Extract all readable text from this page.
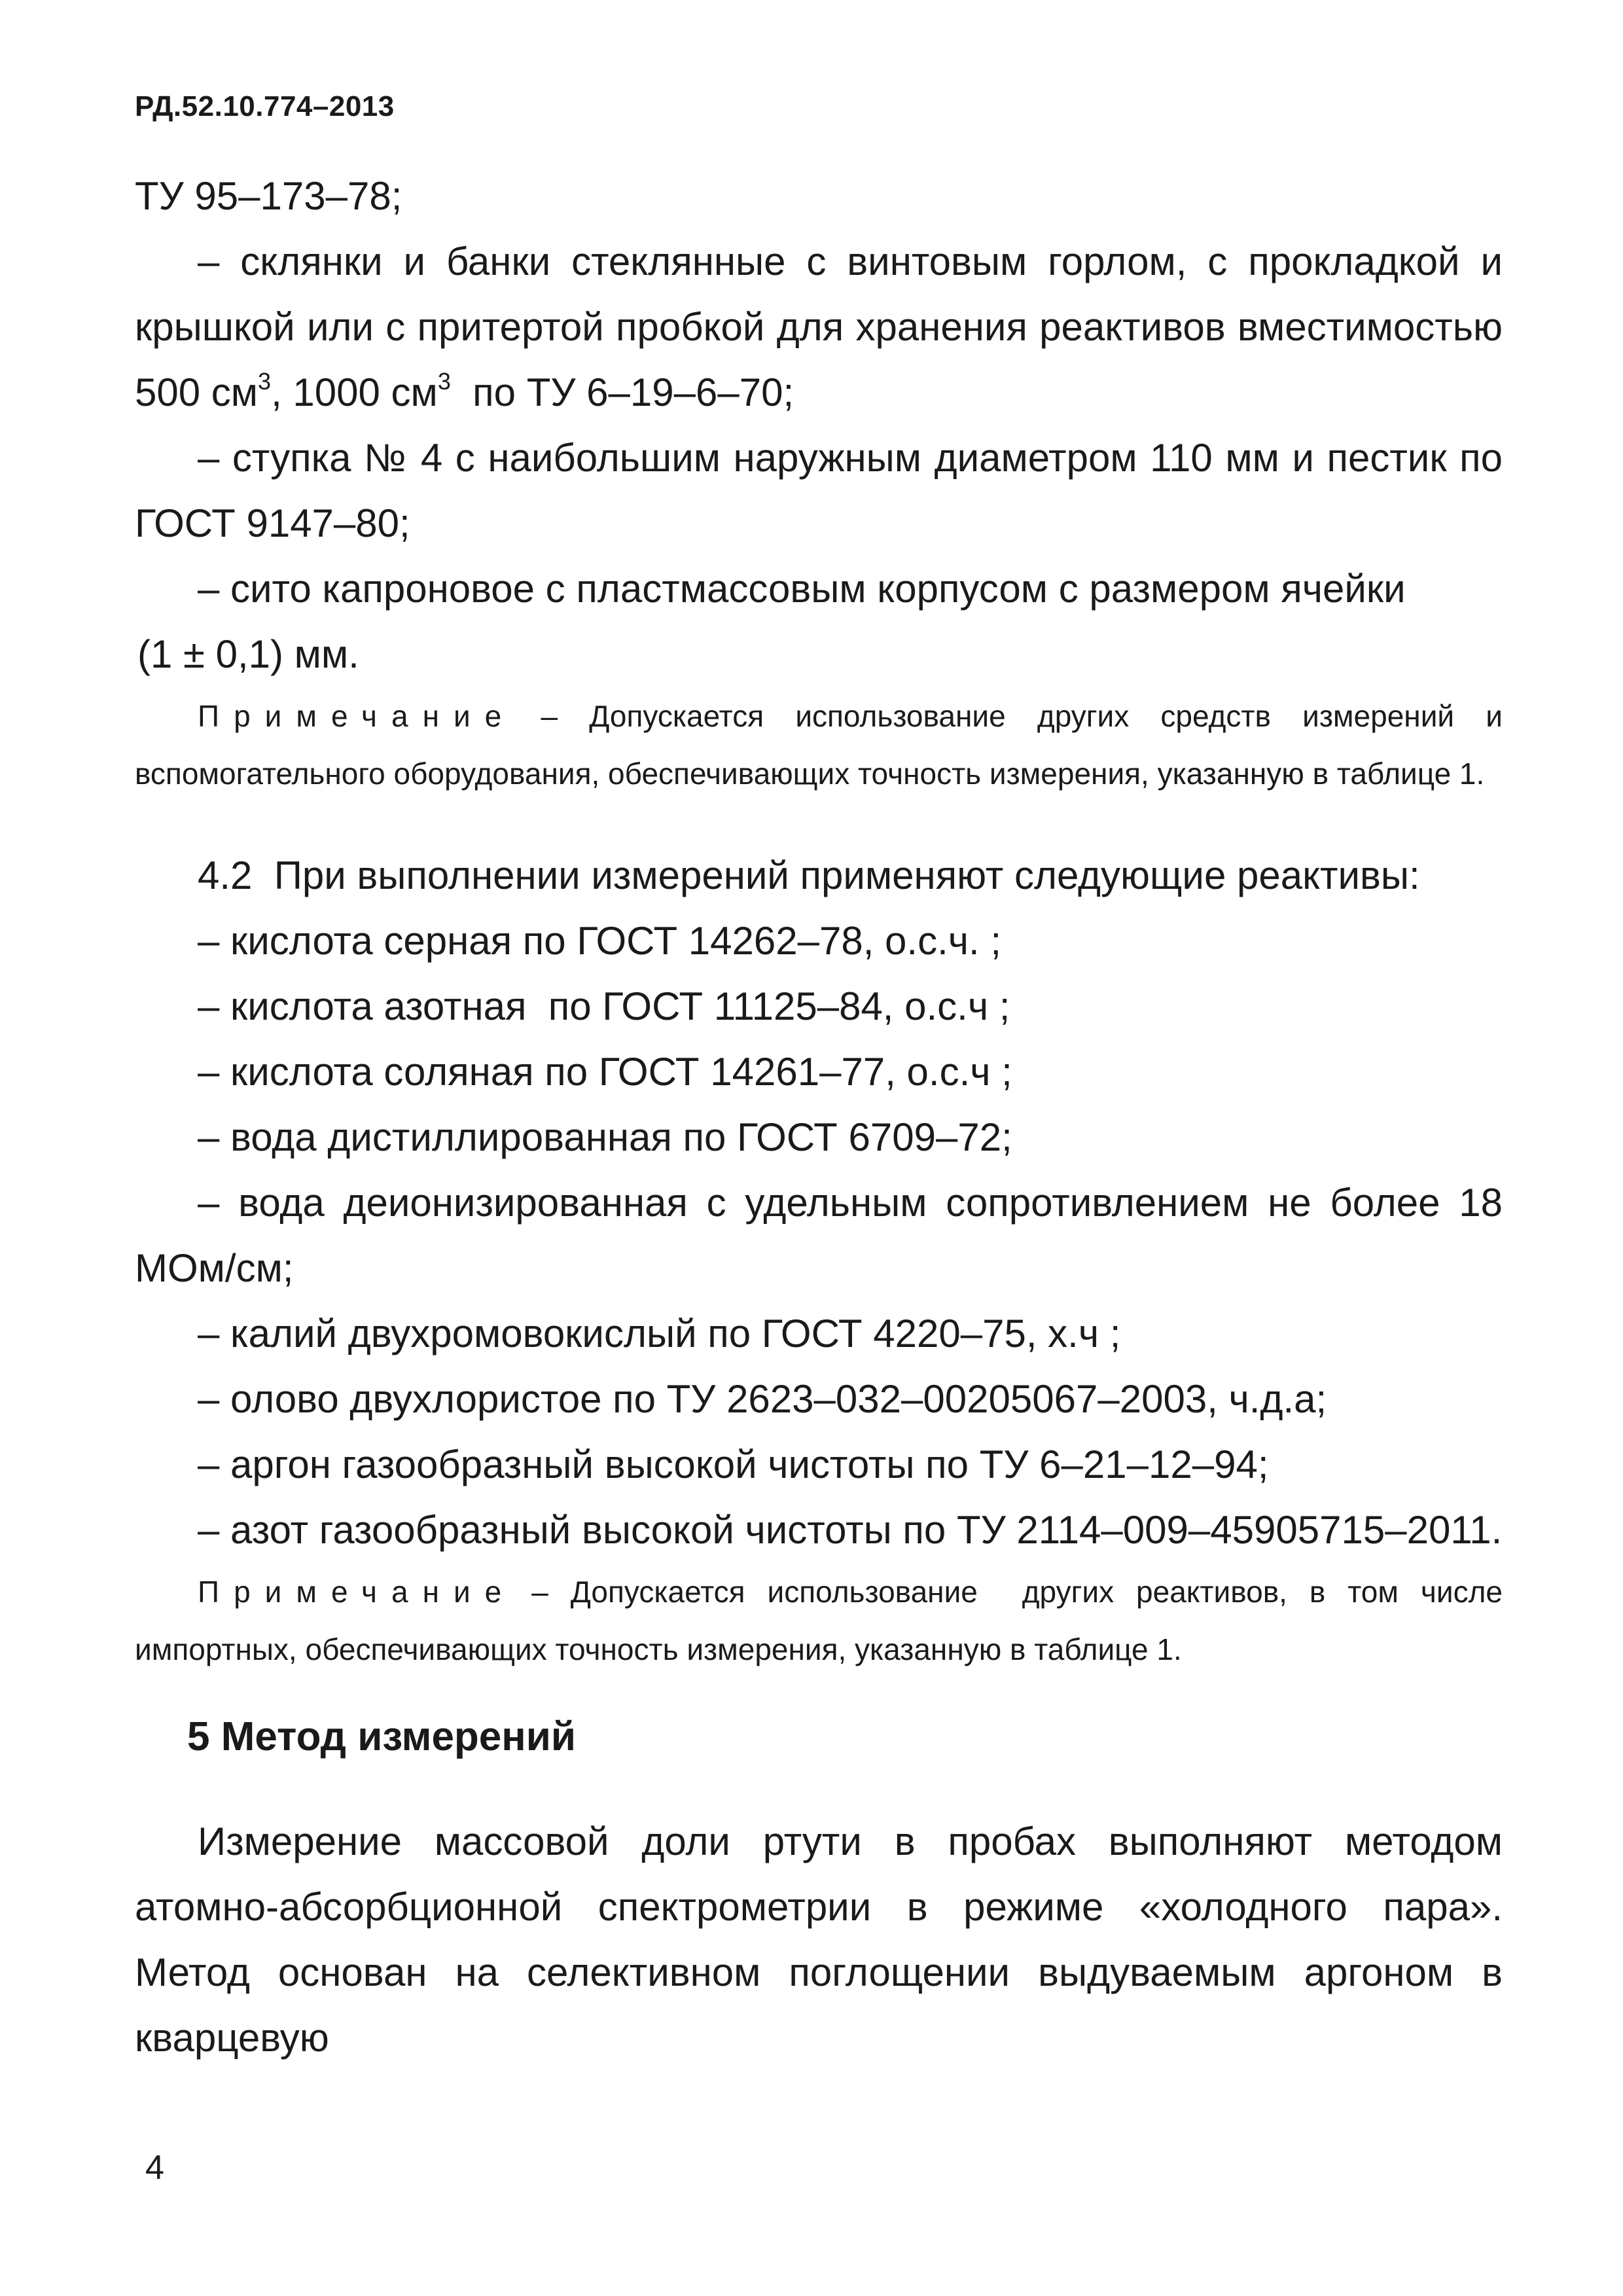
РД.52.10.774–2013

ТУ 95–173–78;

– склянки и банки стеклянные с винтовым горлом, с прокладкой и крышкой или с притертой пробкой для хранения реактивов вместимостью 500 $см^3$, 1000 $см^3$  по ТУ 6–19–6–70;

– ступка № 4 с наибольшим наружным диаметром 110 мм и пестик по ГОСТ 9147–80;

– сито капроновое с пластмассовым корпусом с размером ячейки

(1 ± 0,1) мм.

Примечание – Допускается использование других средств измерений и вспомогательного оборудования, обеспечивающих точность измерения, указанную в таблице 1.

4.2  При выполнении измерений применяют следующие реактивы:

– кислота серная по ГОСТ 14262–78, о.с.ч. ;

– кислота азотная  по ГОСТ 11125–84, о.с.ч ;

– кислота соляная по ГОСТ 14261–77, о.с.ч ;

– вода дистиллированная по ГОСТ 6709–72;

– вода деионизированная с удельным сопротивлением не более 18 МОм/см;

– калий двухромовокислый по ГОСТ 4220–75, х.ч ;

– олово двухлористое по ТУ 2623–032–00205067–2003, ч.д.а;

– аргон газообразный высокой чистоты по ТУ 6–21–12–94;

– азот газообразный высокой чистоты по ТУ 2114–009–45905715–2011.

Примечание – Допускается использование  других реактивов, в том числе импортных, обеспечивающих точность измерения, указанную в таблице 1.

5 Метод измерений

Измерение массовой доли ртути в пробах выполняют методом атомно-абсорбционной спектрометрии в режиме «холодного пара». Метод основан на селективном поглощении выдуваемым аргоном в кварцевую

4
